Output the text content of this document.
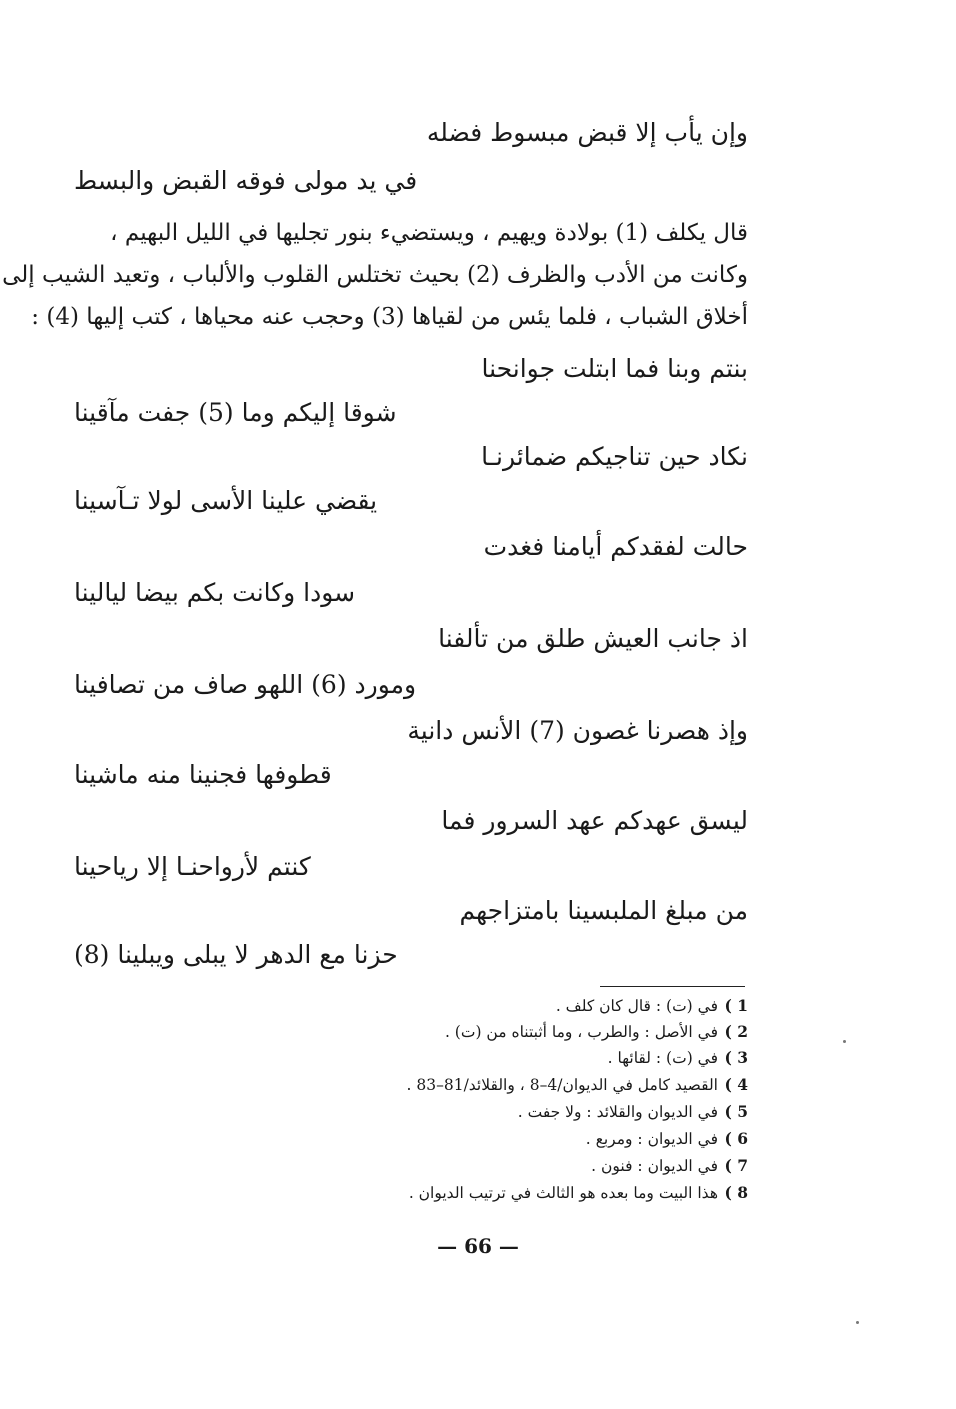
وإن يأب إلا قبض مبسوط فضله
في يد مولى فوقه القبض والبسط
قال يكلف (1) بولادة ويهيم ، ويستضيء بنور تجليها في الليل البهيم ،
وكانت من الأدب والظرف (2) بحيث تختلس القلوب والألباب ، وتعيد الشيب إلى
أخلاق الشباب ، فلما يئس من لقياها (3) وحجب عنه محياها ، كتب إليها (4) :
بنتم وبنا فما ابتلت جوانحنا
شوقا إليكم وما (5) جفت مآقينا
نكاد حين تناجيكم ضمائرنـا
يقضي علينا الأسى لولا تـآسينا
حالت لفقدكم أيامنا فغدت
سودا وكانت بكم بيضا ليالينا
اذ جانب العيش طلق من تألفنا
ومورد (6) اللهو صاف من تصافينا
وإذ هصرنا غصون (7) الأنس دانية
قطوفها فجنينا منه ماشينا
ليسق عهدكم عهد السرور فما
كنتم لأرواحنـا إلا رياحينا
من مبلغ الملبسينا بامتزاجهم
حزنا مع الدهر لا يبلى ويبلينا (8)
1 )في (ت) : قال كان كلف .
2 )في الأصل : والطرب ، وما أثبتناه من (ت) .
3 )في (ت) : لقائها .
4 )القصيد كامل في الديوان/4–8 ، والقلائد/81–83 .
5 )في الديوان والقلائد : ولا جفت .
6 )في الديوان : ومربع .
7 )في الديوان : فنون .
8 )هذا البيت وما بعده هو الثالث في ترتيب الديوان .
— 66 —
